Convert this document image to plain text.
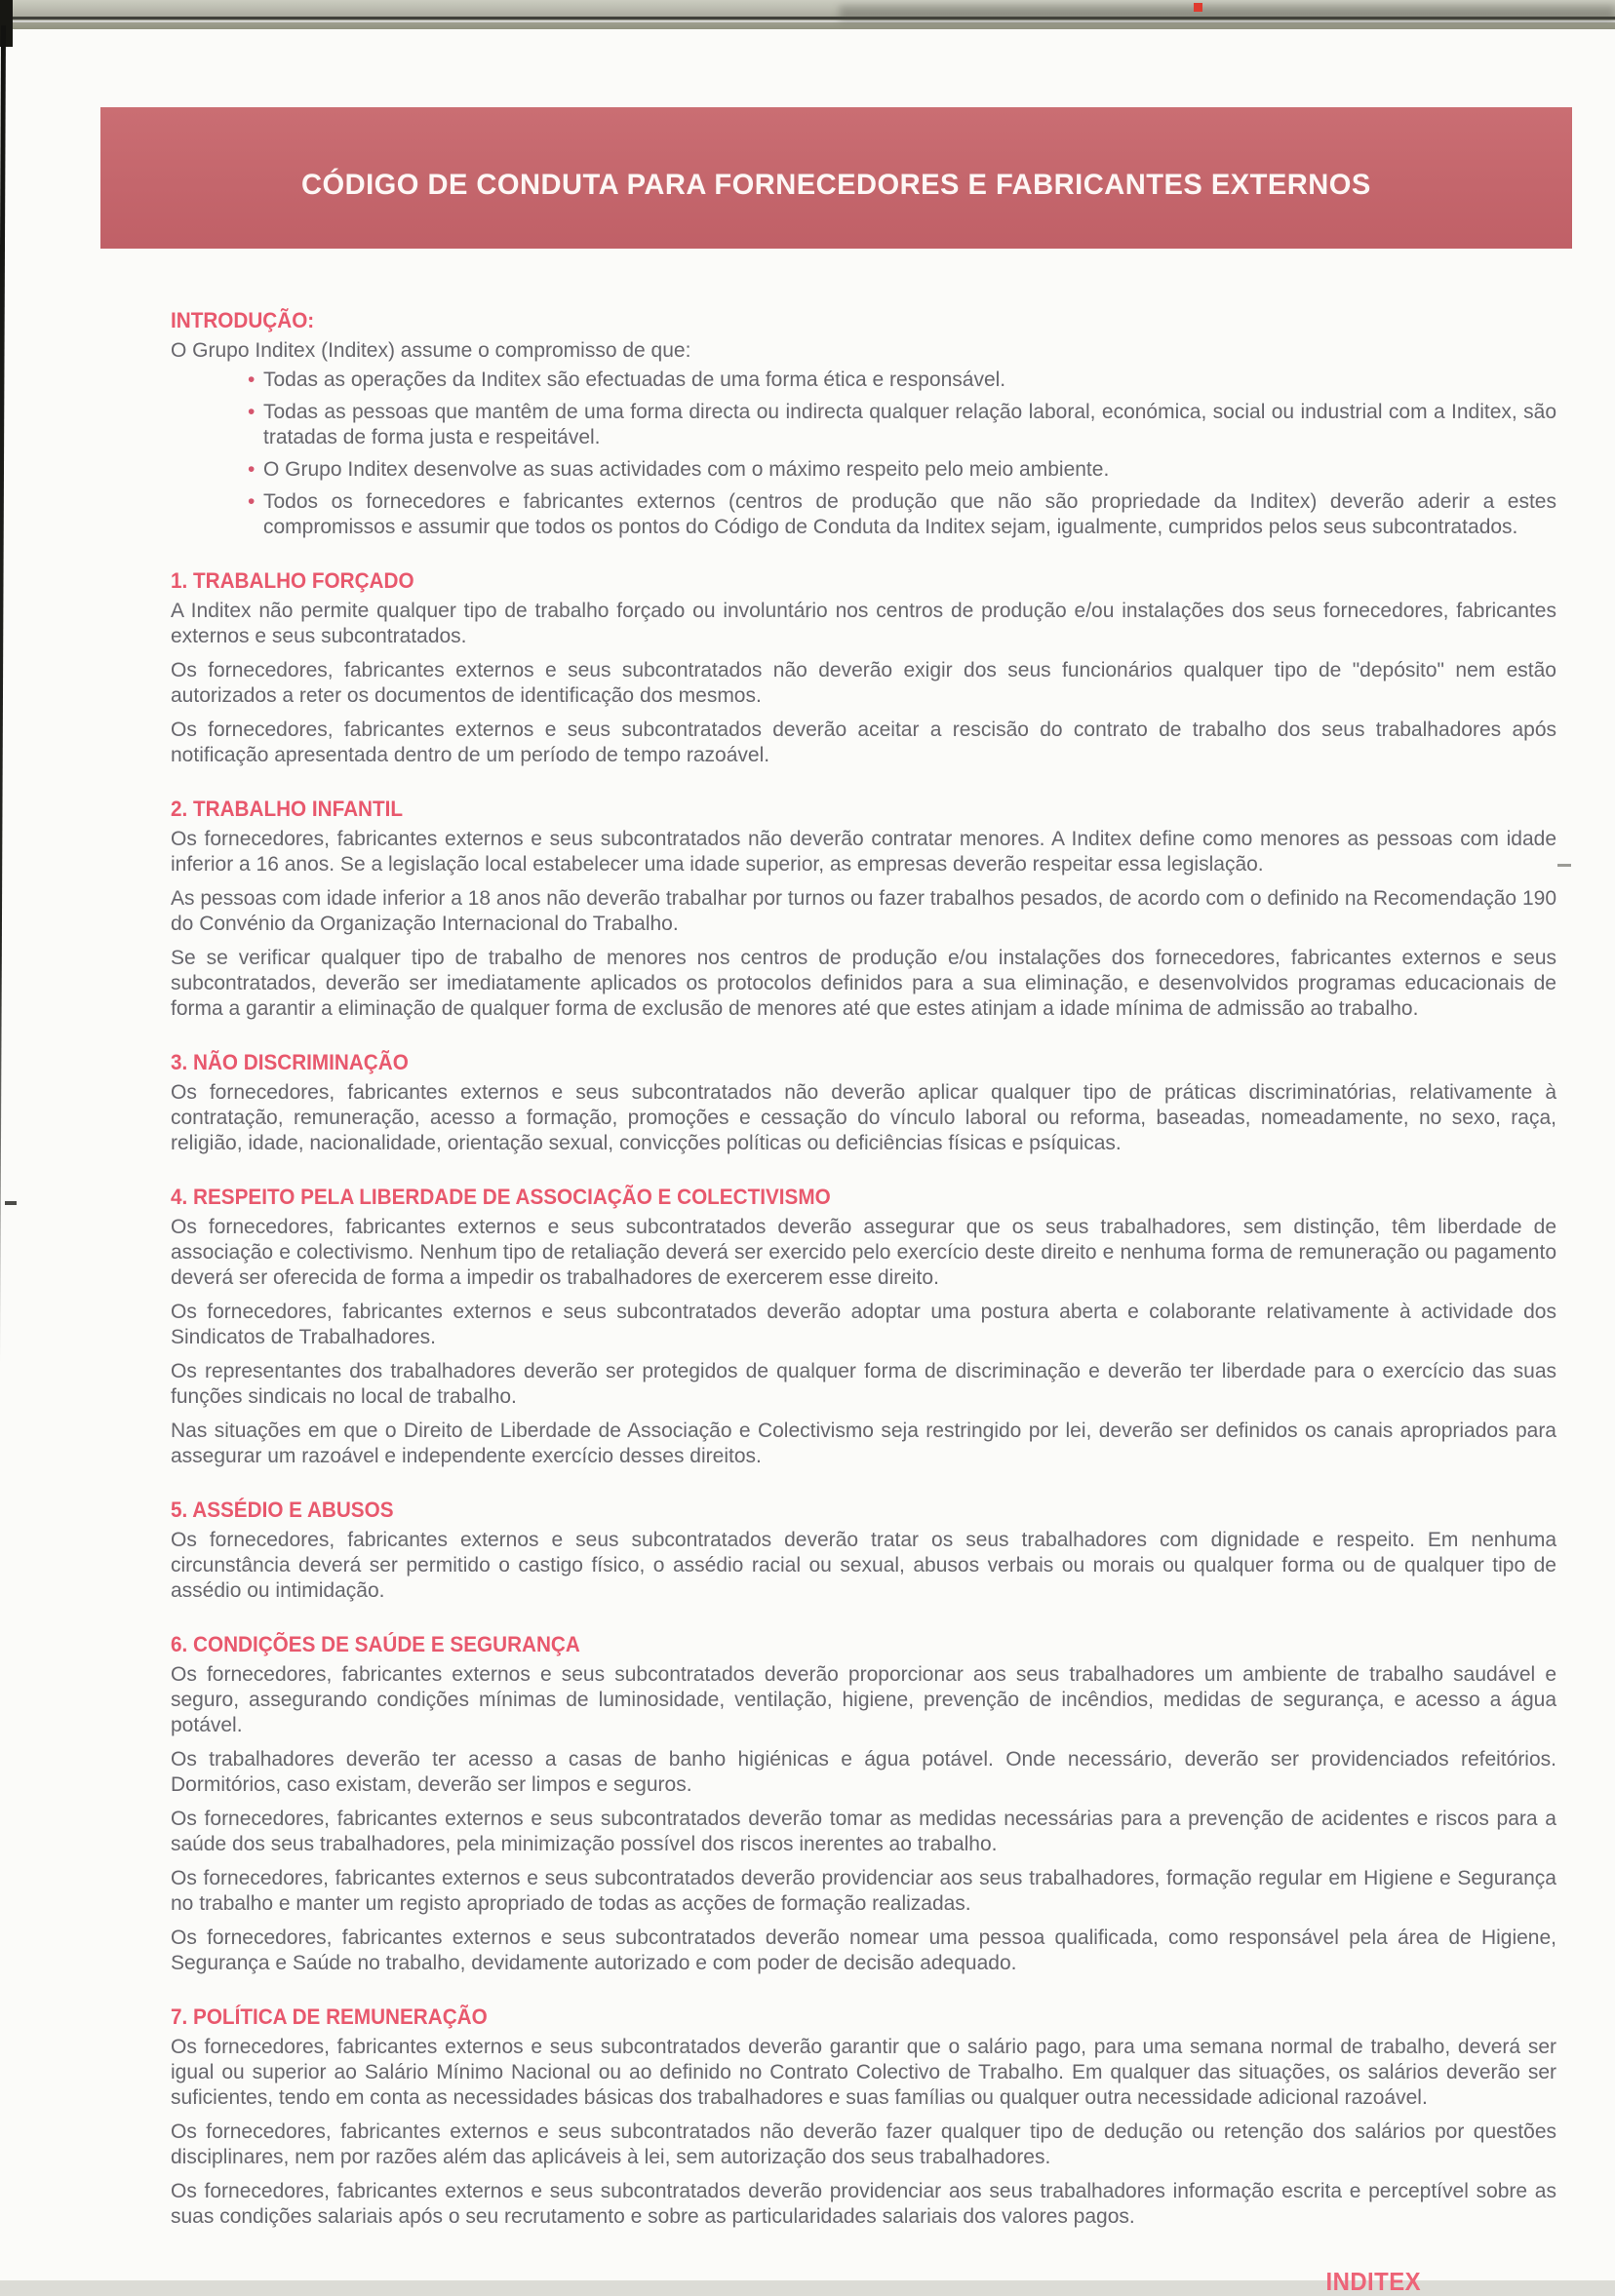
CÓDIGO DE CONDUTA PARA FORNECEDORES E FABRICANTES EXTERNOS
INTRODUÇÃO:

O Grupo Inditex (Inditex) assume o compromisso de que:

• Todas as operações da Inditex são efectuadas de uma forma ética e responsável.
• Todas as pessoas que mantêm de uma forma directa ou indirecta qualquer relação laboral, económica, social ou industrial com a Inditex, são tratadas de forma justa e respeitável.
• O Grupo Inditex desenvolve as suas actividades com o máximo respeito pelo meio ambiente.
• Todos os fornecedores e fabricantes externos (centros de produção que não são propriedade da Inditex) deverão aderir a estes compromissos e assumir que todos os pontos do Código de Conduta da Inditex sejam, igualmente, cumpridos pelos seus subcontratados.
1. TRABALHO FORÇADO

A Inditex não permite qualquer tipo de trabalho forçado ou involuntário nos centros de produção e/ou instalações dos seus fornecedores, fabricantes externos e seus subcontratados.

Os fornecedores, fabricantes externos e seus subcontratados não deverão exigir dos seus funcionários qualquer tipo de "depósito" nem estão autorizados a reter os documentos de identificação dos mesmos.

Os fornecedores, fabricantes externos e seus subcontratados deverão aceitar a rescisão do contrato de trabalho dos seus trabalhadores após notificação apresentada dentro de um período de tempo razoável.

2. TRABALHO INFANTIL

Os fornecedores, fabricantes externos e seus subcontratados não deverão contratar menores. A Inditex define como menores as pessoas com idade inferior a 16 anos. Se a legislação local estabelecer uma idade superior, as empresas deverão respeitar essa legislação.

As pessoas com idade inferior a 18 anos não deverão trabalhar por turnos ou fazer trabalhos pesados, de acordo com o definido na Recomendação 190 do Convénio da Organização Internacional do Trabalho.

Se se verificar qualquer tipo de trabalho de menores nos centros de produção e/ou instalações dos fornecedores, fabricantes externos e seus subcontratados, deverão ser imediatamente aplicados os protocolos definidos para a sua eliminação, e desenvolvidos programas educacionais de forma a garantir a eliminação de qualquer forma de exclusão de menores até que estes atinjam a idade mínima de admissão ao trabalho.

3. NÃO DISCRIMINAÇÃO

Os fornecedores, fabricantes externos e seus subcontratados não deverão aplicar qualquer tipo de práticas discriminatórias, relativamente à contratação, remuneração, acesso a formação, promoções e cessação do vínculo laboral ou reforma, baseadas, nomeadamente, no sexo, raça, religião, idade, nacionalidade, orientação sexual, convicções políticas ou deficiências físicas e psíquicas.

4. RESPEITO PELA LIBERDADE DE ASSOCIAÇÃO E COLECTIVISMO

Os fornecedores, fabricantes externos e seus subcontratados deverão assegurar que os seus trabalhadores, sem distinção, têm liberdade de associação e colectivismo. Nenhum tipo de retaliação deverá ser exercido pelo exercício deste direito e nenhuma forma de remuneração ou pagamento deverá ser oferecida de forma a impedir os trabalhadores de exercerem esse direito.

Os fornecedores, fabricantes externos e seus subcontratados deverão adoptar uma postura aberta e colaborante relativamente à actividade dos Sindicatos de Trabalhadores.

Os representantes dos trabalhadores deverão ser protegidos de qualquer forma de discriminação e deverão ter liberdade para o exercício das suas funções sindicais no local de trabalho.

Nas situações em que o Direito de Liberdade de Associação e Colectivismo seja restringido por lei, deverão ser definidos os canais apropriados para assegurar um razoável e independente exercício desses direitos.

5. ASSÉDIO E ABUSOS

Os fornecedores, fabricantes externos e seus subcontratados deverão tratar os seus trabalhadores com dignidade e respeito. Em nenhuma circunstância deverá ser permitido o castigo físico, o assédio racial ou sexual, abusos verbais ou morais ou qualquer forma ou de qualquer tipo de assédio ou intimidação.

6. CONDIÇÕES DE SAÚDE E SEGURANÇA

Os fornecedores, fabricantes externos e seus subcontratados deverão proporcionar aos seus trabalhadores um ambiente de trabalho saudável e seguro, assegurando condições mínimas de luminosidade, ventilação, higiene, prevenção de incêndios, medidas de segurança, e acesso a água potável.

Os trabalhadores deverão ter acesso a casas de banho higiénicas e água potável. Onde necessário, deverão ser providenciados refeitórios. Dormitórios, caso existam, deverão ser limpos e seguros.

Os fornecedores, fabricantes externos e seus subcontratados deverão tomar as medidas necessárias para a prevenção de acidentes e riscos para a saúde dos seus trabalhadores, pela minimização possível dos riscos inerentes ao trabalho.

Os fornecedores, fabricantes externos e seus subcontratados deverão providenciar aos seus trabalhadores, formação regular em Higiene e Segurança no trabalho e manter um registo apropriado de todas as acções de formação realizadas.

Os fornecedores, fabricantes externos e seus subcontratados deverão nomear uma pessoa qualificada, como responsável pela área de Higiene, Segurança e Saúde no trabalho, devidamente autorizado e com poder de decisão adequado.

7. POLÍTICA DE REMUNERAÇÃO

Os fornecedores, fabricantes externos e seus subcontratados deverão garantir que o salário pago, para uma semana normal de trabalho, deverá ser igual ou superior ao Salário Mínimo Nacional ou ao definido no Contrato Colectivo de Trabalho. Em qualquer das situações, os salários deverão ser suficientes, tendo em conta as necessidades básicas dos trabalhadores e suas famílias ou qualquer outra necessidade adicional razoável.

Os fornecedores, fabricantes externos e seus subcontratados não deverão fazer qualquer tipo de dedução ou retenção dos salários por questões disciplinares, nem por razões além das aplicáveis à lei, sem autorização dos seus trabalhadores.

Os fornecedores, fabricantes externos e seus subcontratados deverão providenciar aos seus trabalhadores informação escrita e perceptível sobre as suas condições salariais após o seu recrutamento e sobre as particularidades salariais dos valores pagos.

INDITEX
